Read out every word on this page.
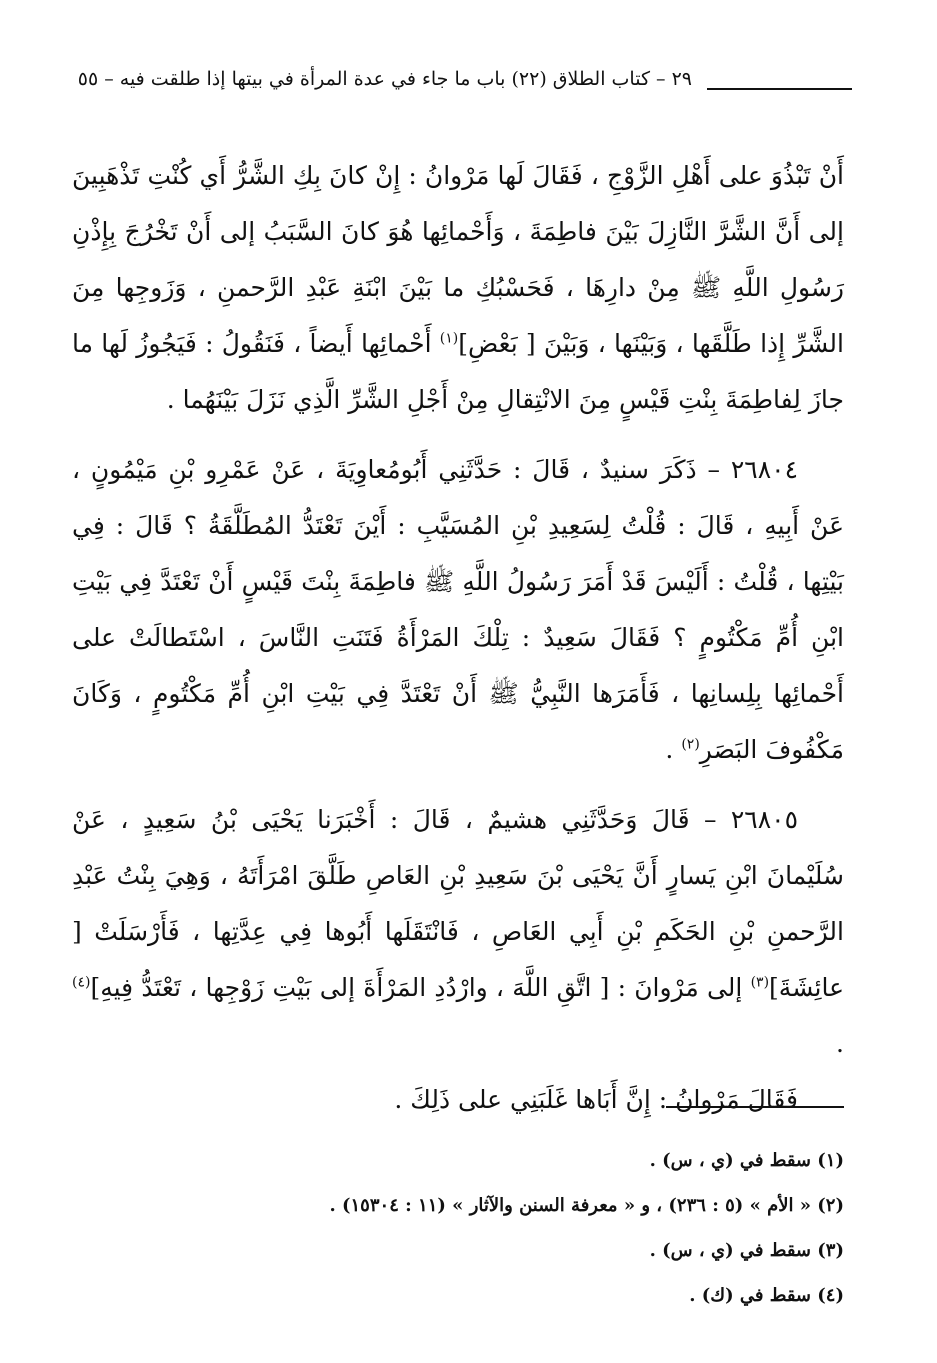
٢٩ – كتاب الطلاق (٢٢) باب ما جاء في عدة المرأة في بيتها إذا طلقت فيه – ٥٥

أَنْ تَبْذُوَ على أَهْلِ الزَّوْجِ ، فَقَالَ لَها مَرْوانُ : إِنْ كانَ بِكِ الشَّرُّ أَي كُنْتِ تَذْهَبِينَ إلى أَنَّ الشَّرَّ النَّازِلَ بَيْنَ فاطِمَةَ ، وَأَحْمائِها هُوَ كانَ السَّبَبُ إلى أَنْ تَخْرُجَ بِإِذْنِ رَسُولِ اللَّهِ ﷺ مِنْ دارِهَا ، فَحَسْبُكِ ما بَيْنَ ابْنَةِ عَبْدِ الرَّحمنِ ، وَزَوجِها مِنَ الشَّرِّ إِذا طَلَّقَها ، وَبَيْنَها ، وَبَيْنَ [ بَعْضِ]$^{(١)}$ أَحْمائِها أَيضاً ، فَنَقُولُ : فَيَجُوزُ لَها ما جازَ لِفاطِمَةَ بِنْتِ قَيْسٍ مِنَ الانْتِقالِ مِنْ أَجْلِ الشَّرِّ الَّذِي نَزَلَ بَيْنَهُما .

٢٦٨٠٤ – ذَكَرَ سنيدٌ ، قَالَ : حَدَّثَنِي أَبُومُعاوِيَةَ ، عَنْ عَمْرِو بْنِ مَيْمُونٍ ، عَنْ أَبِيهِ ، قَالَ : قُلْتُ لِسَعِيدِ بْنِ المُسَيَّبِ : أَيْنَ تَعْتَدُّ المُطَلَّقَةُ ؟ قَالَ : فِي بَيْتِها ، قُلْتُ : أَلَيْسَ قَدْ أَمَرَ رَسُولُ اللَّهِ ﷺ فاطِمَةَ بِنْتَ قَيْسٍ أَنْ تَعْتَدَّ فِي بَيْتِ ابْنِ أُمِّ مَكْتُومٍ ؟ فَقَالَ سَعِيدٌ : تِلْكَ المَرْأَةُ فَتَنَتِ النَّاسَ ، اسْتَطالَتْ على أَحْمائِها بِلِسانِها ، فَأَمَرَها النَّبِيُّ ﷺ أَنْ تَعْتَدَّ فِي بَيْتِ ابْنِ أُمِّ مَكْتُومٍ ، وَكَانَ مَكْفُوفَ البَصَرِ$^{(٢)}$ .

٢٦٨٠٥ – قَالَ وَحَدَّثَنِي هشيمٌ ، قَالَ : أَخْبَرَنا يَحْيَى بْنُ سَعِيدٍ ، عَنْ سُلَيْمانَ ابْنِ يَسارٍ أَنَّ يَحْيَى بْنَ سَعِيدِ بْنِ العَاصِ طَلَّقَ امْرَأَتَهُ ، وَهِيَ بِنْتُ عَبْدِ الرَّحمنِ بْنِ الحَكَمِ بْنِ أَبِي العَاصِ ، فَانْتَقَلَها أَبُوها فِي عِدَّتِها ، فَأَرْسَلَتْ [ عائِشَةَ]$^{(٣)}$ إلى مَرْوانَ : [ اتَّقِ اللَّهَ ، وارْدُدِ المَرْأَةَ إلى بَيْتِ زَوْجِها ، تَعْتَدُّ فِيهِ]$^{(٤)}$ .

فَقَالَ مَرْوانُ : إِنَّ أَبَاها غَلَبَنِي على ذَلِكَ .

(١) سقط في (ي ، س) .

(٢) « الأم » (٥ : ٢٣٦) ، و « معرفة السنن والآثار » (١١ : ١٥٣٠٤) .

(٣) سقط في (ي ، س) .

(٤) سقط في (ك) .
